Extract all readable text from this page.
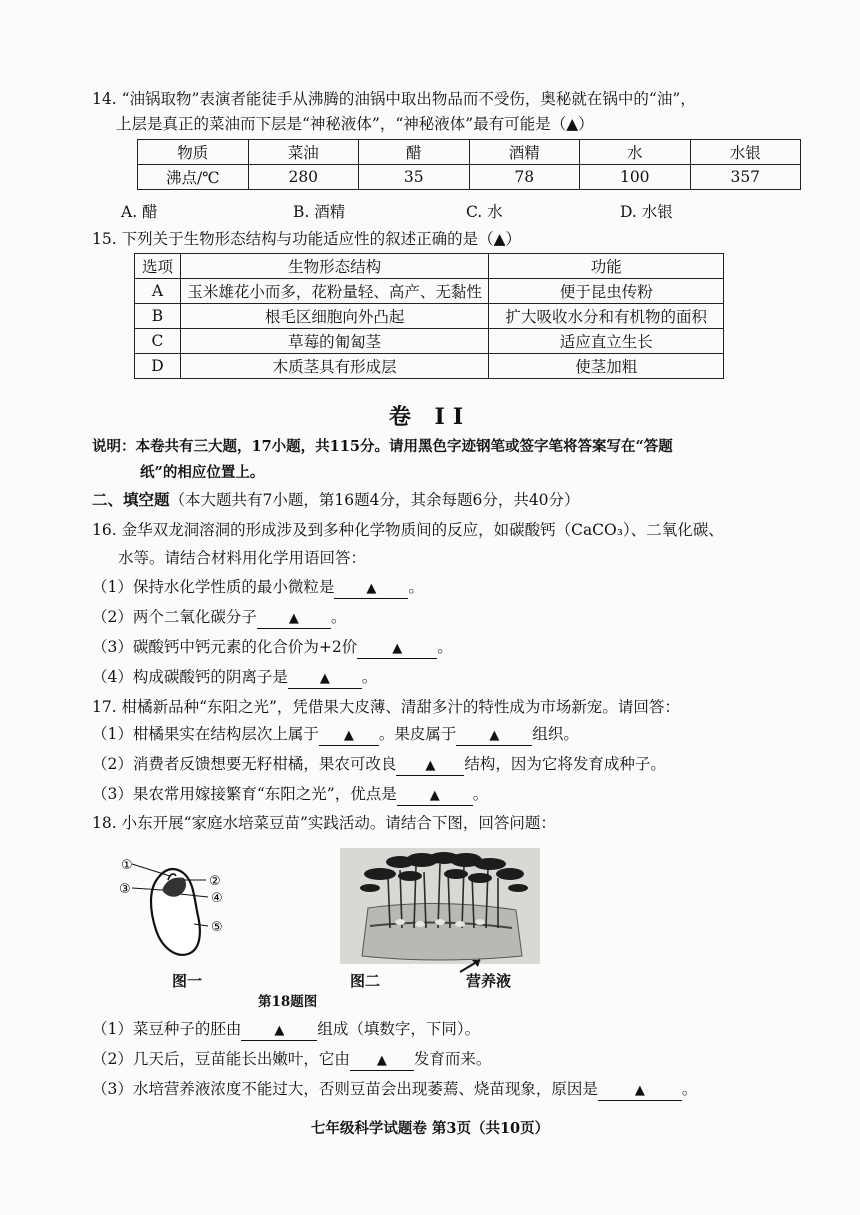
14. “油锅取物”表演者能徒手从沸腾的油锅中取出物品而不受伤，奥秘就在锅中的“油”，
上层是真正的菜油而下层是“神秘液体”，“神秘液体”最有可能是（▲）
物质	菜油	醋	酒精	水	水银
沸点/℃	280	35	78	100	357
A. 醋	B. 酒精	C. 水	D. 水银
15. 下列关于生物形态结构与功能适应性的叙述正确的是（▲）
选项	生物形态结构	功能
A	玉米雄花小而多，花粉量轻、高产、无黏性	便于昆虫传粉
B	根毛区细胞向外凸起	扩大吸收水分和有机物的面积
C	草莓的匍匐茎	适应直立生长
D	木质茎具有形成层	使茎加粗
卷 II
说明：本卷共有三大题，17小题，共115分。请用黑色字迹钢笔或签字笔将答案写在“答题
纸”的相应位置上。
二、填空题（本大题共有7小题，第16题4分，其余每题6分，共40分）
16. 金华双龙洞溶洞的形成涉及到多种化学物质间的反应，如碳酸钙（CaCO₃）、二氧化碳、
水等。请结合材料用化学用语回答：
（1）保持水化学性质的最小微粒是 ▲ 。
（2）两个二氧化碳分子 ▲ 。
（3）碳酸钙中钙元素的化合价为+2价	▲ 。
（4）构成碳酸钙的阴离子是 ▲ 。
17. 柑橘新品种“东阳之光”，凭借果大皮薄、清甜多汁的特性成为市场新宠。请回答：
（1）柑橘果实在结构层次上属于 ▲ 。果皮属于	▲ 组织。
（2）消费者反馈想要无籽柑橘，果农可改良 ▲ 结构，因为它将发育成种子。
（3）果农常用嫁接繁育“东阳之光”，优点是	▲ 。
18. 小东开展“家庭水培菜豆苗”实践活动。请结合下图，回答问题：
①
②
③
④
⑤
图一	图二	营养液
第18题图
（1）菜豆种子的胚由	▲ 组成（填数字，下同）。
（2）几天后，豆苗能长出嫩叶，它由 ▲ 发育而来。
（3）水培营养液浓度不能过大，否则豆苗会出现萎蔫、烧苗现象，原因是	▲ 。
七年级科学试题卷 第3页（共10页）
